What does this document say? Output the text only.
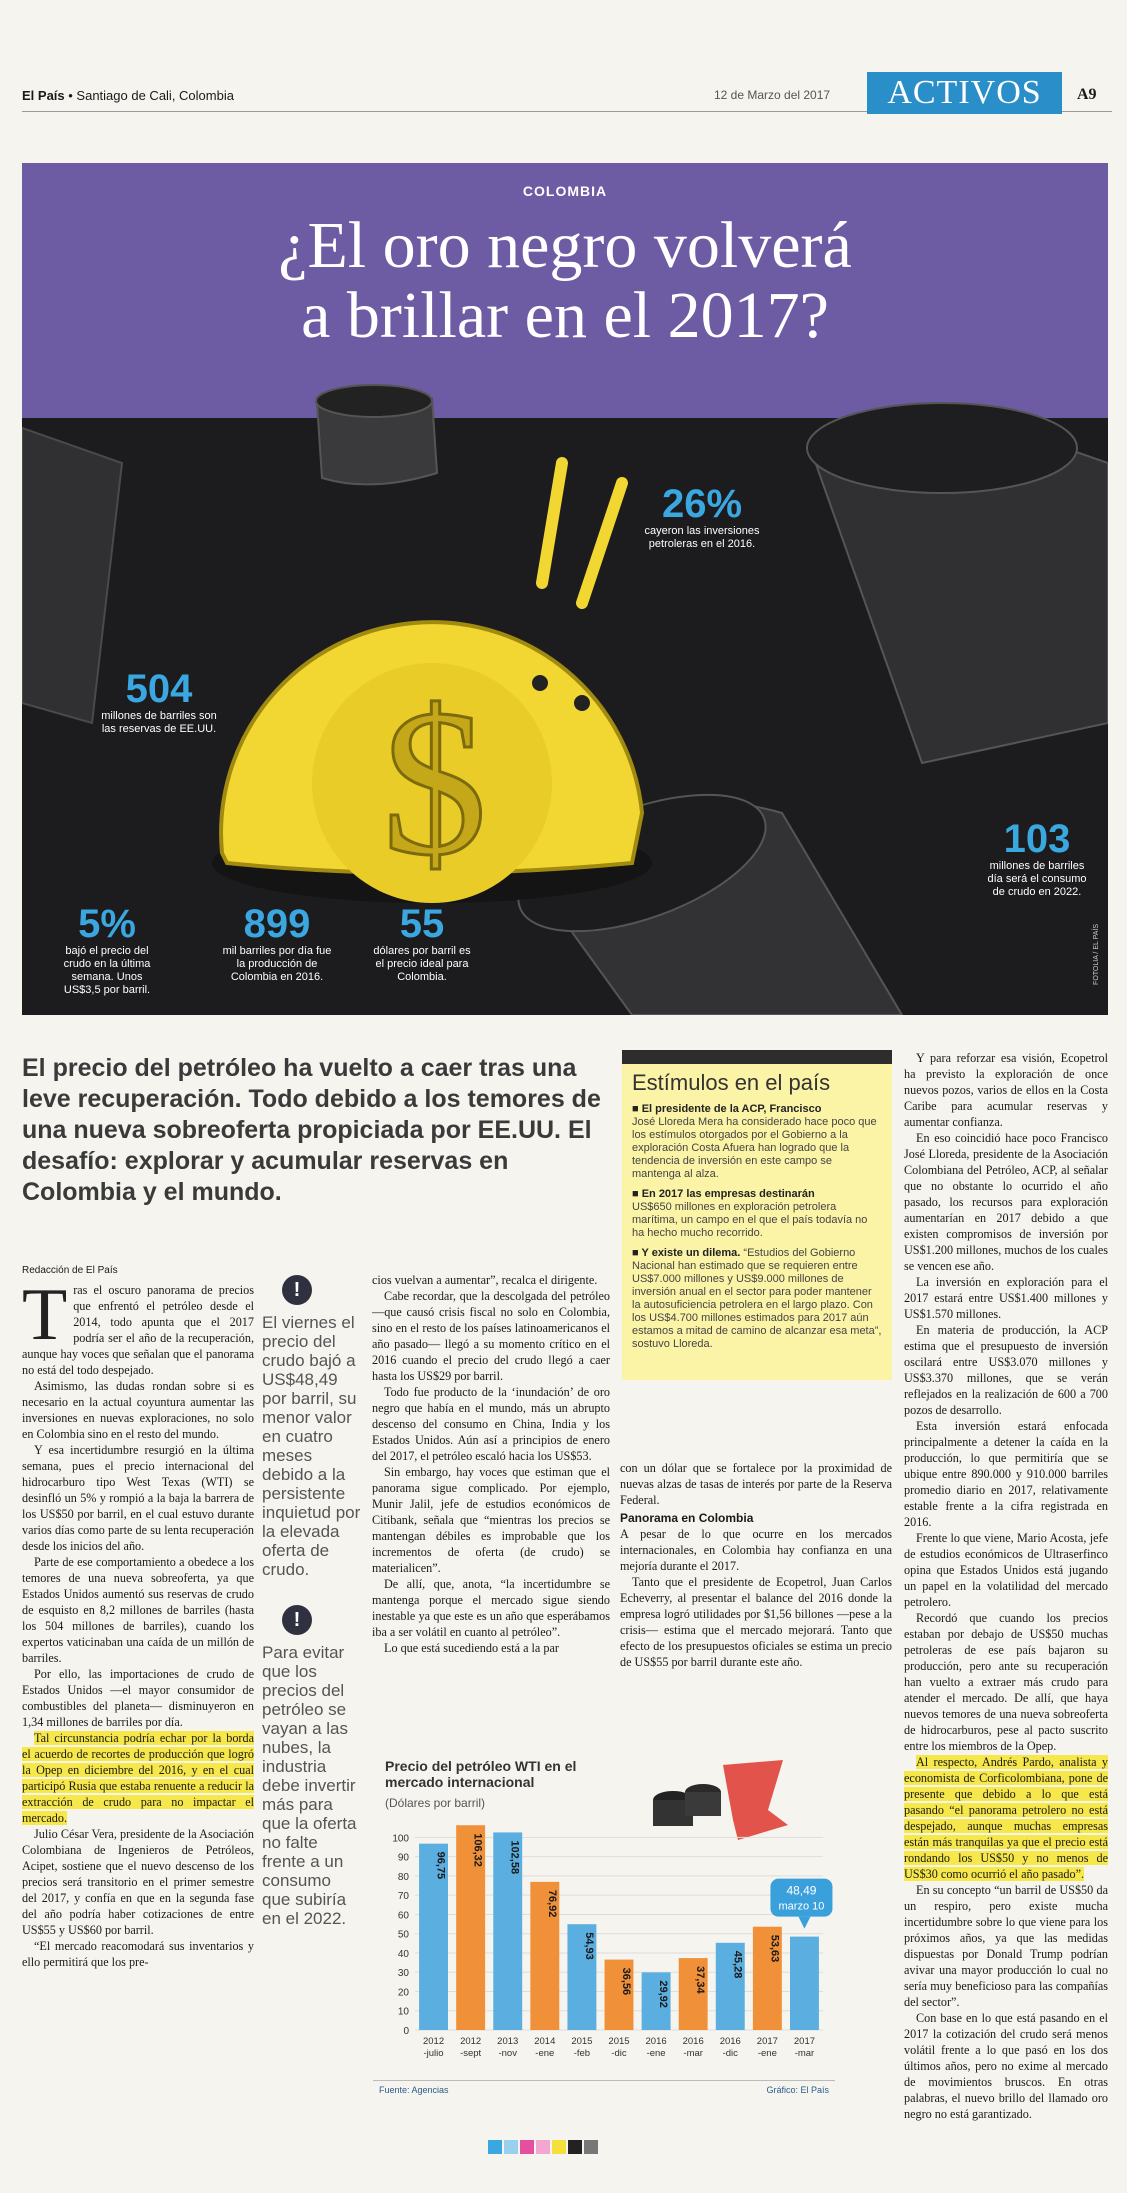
El País • Santiago de Cali, Colombia	12 de Marzo del 2017	ACTIVOS	A9
COLOMBIA
¿El oro negro volverá
a brillar en el 2017?
$
26%
cayeron las inversiones petroleras en el 2016.
504
millones de barriles son las reservas de EE.UU.
103
millones de barriles día será el consumo de crudo en 2022.
5%
bajó el precio del crudo en la última semana. Unos US$3,5 por barril.
899
mil barriles por día fue la producción de Colombia en 2016.
55
dólares por barril es el precio ideal para Colombia.	FOTOLIA / EL PAÍS
El precio del petróleo ha vuelto a caer tras una leve recuperación. Todo debido a los temores de una nueva sobreoferta propiciada por EE.UU. El desafío: explorar y acumular reservas en Colombia y el mundo.
Redacción de El País
T ras el oscuro panorama de precios que enfrentó el petróleo desde el 2014, todo apunta que el 2017 podría ser el año de la recuperación, aunque hay voces que señalan que el panorama no está del todo despejado.

Asimismo, las dudas rondan sobre si es necesario en la actual coyuntura aumentar las inversiones en nuevas exploraciones, no solo en Colombia sino en el resto del mundo.

Y esa incertidumbre resurgió en la última semana, pues el precio internacional del hidrocarburo tipo West Texas (WTI) se desinfló un 5% y rompió a la baja la barrera de los US$50 por barril, en el cual estuvo durante varios días como parte de su lenta recuperación desde los inicios del año.

Parte de ese comportamiento a obedece a los temores de una nueva sobreoferta, ya que Estados Unidos aumentó sus reservas de crudo de esquisto en 8,2 millones de barriles (hasta los 504 millones de barriles), cuando los expertos vaticinaban una caída de un millón de barriles.

Por ello, las importaciones de crudo de Estados Unidos —el mayor consumidor de combustibles del planeta— disminuyeron en 1,34 millones de barriles por día.

Tal circunstancia podría echar por la borda el acuerdo de recortes de producción que logró la Opep en diciembre del 2016, y en el cual participó Rusia que estaba renuente a reducir la extracción de crudo para no impactar el mercado.

Julio César Vera, presidente de la Asociación Colombiana de Ingenieros de Petróleos, Acipet, sostiene que el nuevo descenso de los precios será transitorio en el primer semestre del 2017, y confía en que en la segunda fase del año podría haber cotizaciones de entre US$55 y US$60 por barril.

“El mercado reacomodará sus inventarios y ello permitirá que los pre-

!
El viernes el precio del crudo bajó a US$48,49 por barril, su menor valor en cuatro meses debido a la persistente inquietud por la elevada oferta de crudo.
!
Para evitar que los precios del petróleo se vayan a las nubes, la industria debe invertir más para que la oferta no falte frente a un consumo que subiría en el 2022.

cios vuelvan a aumentar”, recalca el dirigente.

Cabe recordar, que la descolgada del petróleo —que causó crisis fiscal no solo en Colombia, sino en el resto de los países latinoamericanos el año pasado— llegó a su momento crítico en el 2016 cuando el precio del crudo llegó a caer hasta los US$29 por barril.

Todo fue producto de la ‘inundación’ de oro negro que había en el mundo, más un abrupto descenso del consumo en China, India y los Estados Unidos. Aún así a principios de enero del 2017, el petróleo escaló hacia los US$53.

Sin embargo, hay voces que estiman que el panorama sigue complicado. Por ejemplo, Munir Jalil, jefe de estudios económicos de Citibank, señala que “mientras los precios se mantengan débiles es improbable que los incrementos de oferta (de crudo) se materialicen”.

De allí, que, anota, “la incertidumbre se mantenga porque el mercado sigue siendo inestable ya que este es un año que esperábamos iba a ser volátil en cuanto al petróleo”.

Lo que está sucediendo está a la par

Estímulos en el país
■ El presidente de la ACP, Francisco
José Lloreda Mera ha considerado hace poco que los estímulos otorgados por el Gobierno a la exploración Costa Afuera han logrado que la tendencia de inversión en este campo se mantenga al alza.
■ En 2017 las empresas destinarán
US$650 millones en exploración petrolera marítima, un campo en el que el país todavía no ha hecho mucho recorrido.
■ Y existe un dilema. “Estudios del Gobierno Nacional han estimado que se requieren entre US$7.000 millones y US$9.000 millones de inversión anual en el sector para poder mantener la autosuficiencia petrolera en el largo plazo. Con los US$4.700 millones estimados para 2017 aún estamos a mitad de camino de alcanzar esa meta”, sostuvo Lloreda.

con un dólar que se fortalece por la proximidad de nuevas alzas de tasas de interés por parte de la Reserva Federal.

Panorama en Colombia

A pesar de lo que ocurre en los mercados internacionales, en Colombia hay confianza en una mejoría durante el 2017.

Tanto que el presidente de Ecopetrol, Juan Carlos Echeverry, al presentar el balance del 2016 donde la empresa logró utilidades por $1,56 billones —pese a la crisis— estima que el mercado mejorará. Tanto que efecto de los presupuestos oficiales se estima un precio de US$55 por barril durante este año.

Y para reforzar esa visión, Ecopetrol ha previsto la exploración de once nuevos pozos, varios de ellos en la Costa Caribe para acumular reservas y aumentar confianza.

En eso coincidió hace poco Francisco José Lloreda, presidente de la Asociación Colombiana del Petróleo, ACP, al señalar que no obstante lo ocurrido el año pasado, los recursos para exploración aumentarían en 2017 debido a que existen compromisos de inversión por US$1.200 millones, muchos de los cuales se vencen ese año.

La inversión en exploración para el 2017 estará entre US$1.400 millones y US$1.570 millones.

En materia de producción, la ACP estima que el presupuesto de inversión oscilará entre US$3.070 millones y US$3.370 millones, que se verán reflejados en la realización de 600 a 700 pozos de desarrollo.

Esta inversión estará enfocada principalmente a detener la caída en la producción, lo que permitiría que se ubique entre 890.000 y 910.000 barriles promedio diario en 2017, relativamente estable frente a la cifra registrada en 2016.

Frente lo que viene, Mario Acosta, jefe de estudios económicos de Ultraserfinco opina que Estados Unidos está jugando un papel en la volatilidad del mercado petrolero.

Recordó que cuando los precios estaban por debajo de US$50 muchas petroleras de ese país bajaron su producción, pero ante su recuperación han vuelto a extraer más crudo para atender el mercado. De allí, que haya nuevos temores de una nueva sobreoferta de hidrocarburos, pese al pacto suscrito entre los miembros de la Opep.

Al respecto, Andrés Pardo, analista y economista de Corficolombiana, pone de presente que debido a lo que está pasando “el panorama petrolero no está despejado, aunque muchas empresas están más tranquilas ya que el precio está rondando los US$50 y no menos de US$30 como ocurrió el año pasado”.

En su concepto “un barril de US$50 da un respiro, pero existe mucha incertidumbre sobre lo que viene para los próximos años, ya que las medidas dispuestas por Donald Trump podrían avivar una mayor producción lo cual no sería muy beneficioso para las compañías del sector”.

Con base en lo que está pasando en el 2017 la cotización del crudo será menos volátil frente a lo que pasó en los dos últimos años, pero no exime al mercado de movimientos bruscos. En otras palabras, el nuevo brillo del llamado oro negro no está garantizado.

Precio del petróleo WTI en el mercado internacional
(Dólares por barril)
0
10
20
30
40
50
60
70
80
90
100
96,75
2012
-julio
106,32
2012
-sept
102,58
2013
-nov
76,92
2014
-ene
54,93
2015
-feb
36,56
2015
-dic
29,92
2016
-ene
37,34
2016
-mar
45,28
2016
-dic
53,63
2017
-ene
2017
-mar
48,49
marzo 10
Fuente: Agencias	Gráfico: El País
